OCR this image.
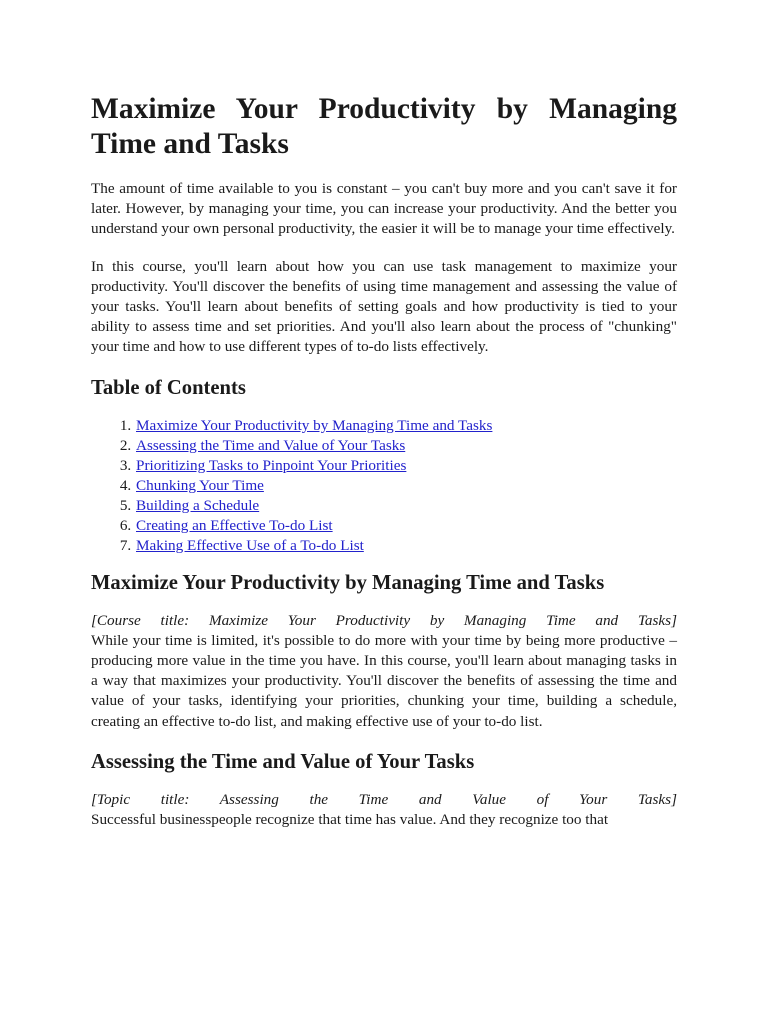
Maximize Your Productivity by Managing Time and Tasks

The amount of time available to you is constant – you can't buy more and you can't save it for later. However, by managing your time, you can increase your productivity. And the better you understand your own personal productivity, the easier it will be to manage your time effectively.

In this course, you'll learn about how you can use task management to maximize your productivity. You'll discover the benefits of using time management and assessing the value of your tasks. You'll learn about benefits of setting goals and how productivity is tied to your ability to assess time and set priorities. And you'll also learn about the process of "chunking" your time and how to use different types of to-do lists effectively.

Table of Contents
1. Maximize Your Productivity by Managing Time and Tasks
2. Assessing the Time and Value of Your Tasks
3. Prioritizing Tasks to Pinpoint Your Priorities
4. Chunking Your Time
5. Building a Schedule
6. Creating an Effective To-do List
7. Making Effective Use of a To-do List
Maximize Your Productivity by Managing Time and Tasks

[Course title: Maximize Your Productivity by Managing Time and Tasks]
While your time is limited, it's possible to do more with your time by being more productive – producing more value in the time you have. In this course, you'll learn about managing tasks in a way that maximizes your productivity. You'll discover the benefits of assessing the time and value of your tasks, identifying your priorities, chunking your time, building a schedule, creating an effective to-do list, and making effective use of your to-do list.

Assessing the Time and Value of Your Tasks

[Topic title: Assessing the Time and Value of Your Tasks]
Successful businesspeople recognize that time has value. And they recognize too that
